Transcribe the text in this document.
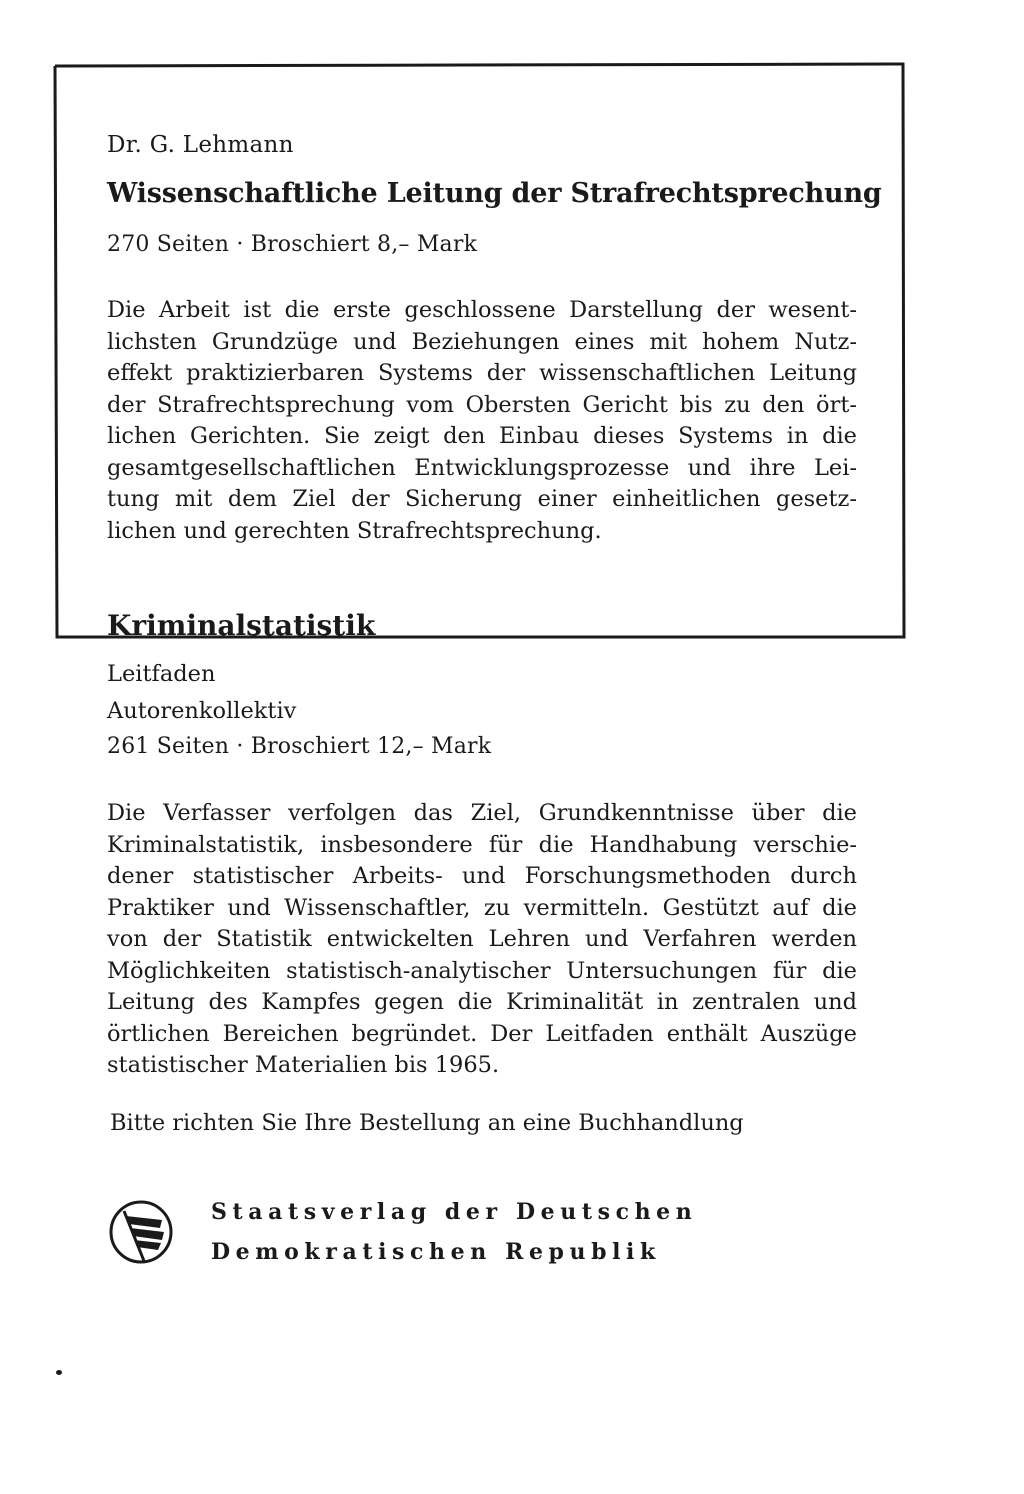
Dr. G. Lehmann
Wissenschaftliche Leitung der Strafrechtsprechung
270 Seiten · Broschiert 8,– Mark
Die Arbeit ist die erste geschlossene Darstellung der wesent-
lichsten Grundzüge und Beziehungen eines mit hohem Nutz-
effekt praktizierbaren Systems der wissenschaftlichen Leitung
der Strafrechtsprechung vom Obersten Gericht bis zu den ört-
lichen Gerichten. Sie zeigt den Einbau dieses Systems in die
gesamtgesellschaftlichen Entwicklungsprozesse und ihre Lei-
tung mit dem Ziel der Sicherung einer einheitlichen gesetz-
lichen und gerechten Strafrechtsprechung.
Kriminalstatistik
Leitfaden
Autorenkollektiv
261 Seiten · Broschiert 12,– Mark
Die Verfasser verfolgen das Ziel, Grundkenntnisse über die
Kriminalstatistik, insbesondere für die Handhabung verschie-
dener statistischer Arbeits- und Forschungsmethoden durch
Praktiker und Wissenschaftler, zu vermitteln. Gestützt auf die
von der Statistik entwickelten Lehren und Verfahren werden
Möglichkeiten statistisch-analytischer Untersuchungen für die
Leitung des Kampfes gegen die Kriminalität in zentralen und
örtlichen Bereichen begründet. Der Leitfaden enthält Auszüge
statistischer Materialien bis 1965.
Bitte richten Sie Ihre Bestellung an eine Buchhandlung
Staatsverlag der Deutschen
Demokratischen Republik
